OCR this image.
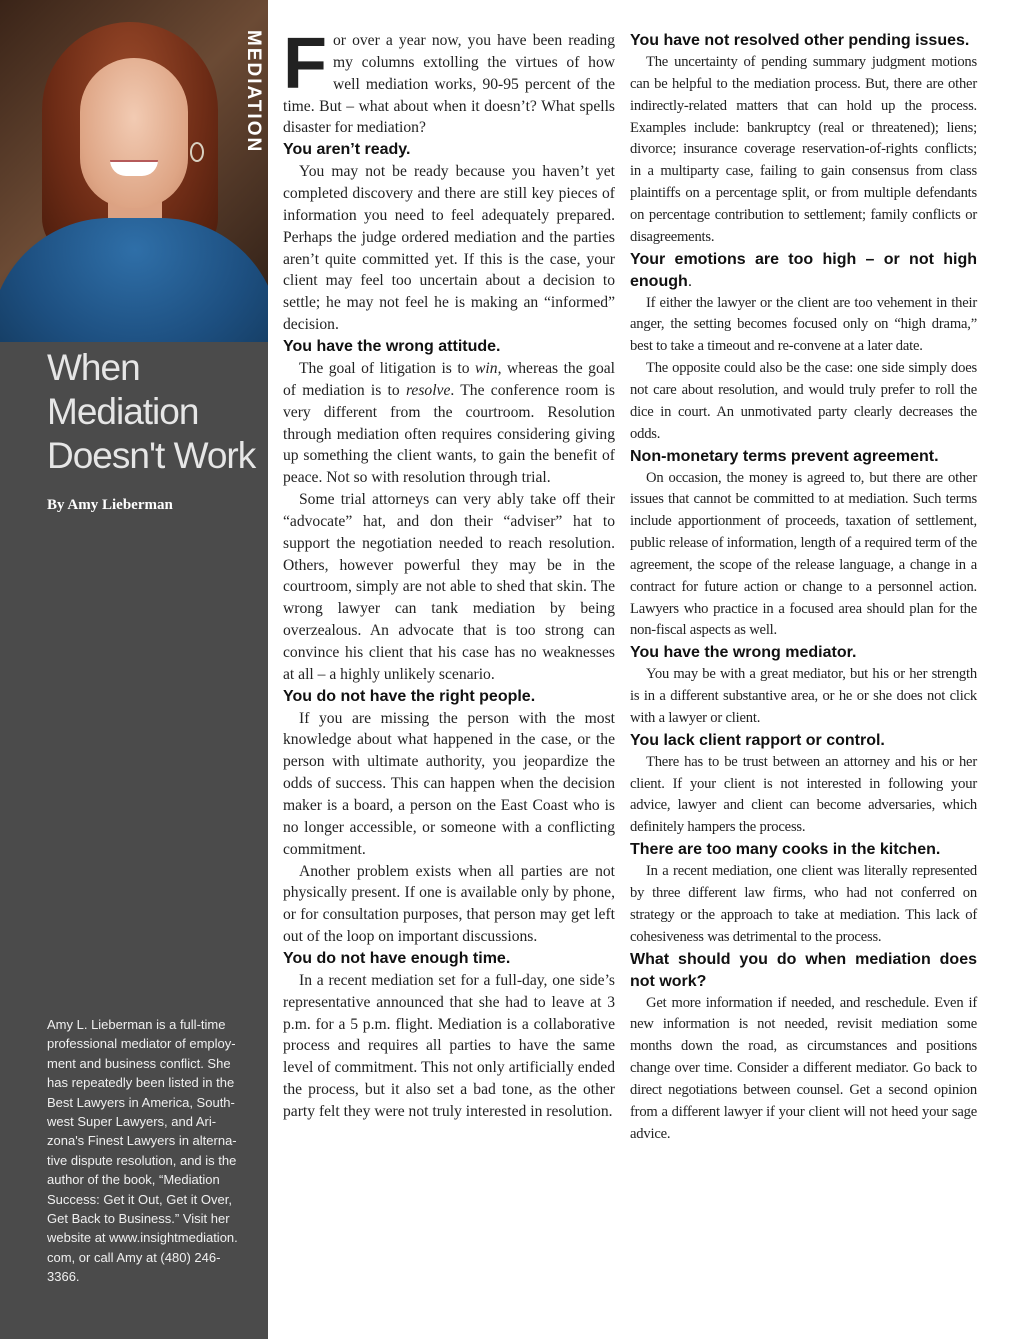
MEDIATION
When
Mediation
Doesn't Work
By Amy Lieberman
Amy L. Lieberman is a full-time
professional mediator of employ-
ment and business conflict. She
has repeatedly been listed in the
Best Lawyers in America, South-
west Super Lawyers, and Ari-
zona's Finest Lawyers in alterna-
tive dispute resolution, and is the
author of the book, “Mediation
Success: Get it Out, Get it Over,
Get Back to Business.” Visit her
website at www.insightmediation.
com, or call Amy at (480) 246-
3366.

For over a year now, you have been reading my columns extolling the virtues of how well mediation works, 90-95 percent of the time. But – what about when it doesn’t? What spells disaster for mediation?

You aren’t ready.

You may not be ready because you haven’t yet completed discovery and there are still key pieces of information you need to feel adequately prepared. Perhaps the judge ordered mediation and the parties aren’t quite committed yet. If this is the case, your client may feel too uncertain about a decision to settle; he may not feel he is making an “informed” decision.

You have the wrong attitude.

The goal of litigation is to win, whereas the goal of mediation is to resolve. The conference room is very different from the courtroom. Resolution through mediation often requires considering giving up something the client wants, to gain the benefit of peace. Not so with resolution through trial.

Some trial attorneys can very ably take off their “advocate” hat, and don their “adviser” hat to support the negotiation needed to reach resolution. Others, however powerful they may be in the courtroom, simply are not able to shed that skin. The wrong lawyer can tank mediation by being overzealous. An advocate that is too strong can convince his client that his case has no weaknesses at all – a highly unlikely scenario.

You do not have the right people.

If you are missing the person with the most knowledge about what happened in the case, or the person with ultimate authority, you jeopardize the odds of success. This can happen when the decision maker is a board, a person on the East Coast who is no longer accessible, or someone with a conflicting commitment.

Another problem exists when all parties are not physically present. If one is available only by phone, or for consultation purposes, that person may get left out of the loop on important discussions.

You do not have enough time.

In a recent mediation set for a full-day, one side’s representative announced that she had to leave at 3 p.m. for a 5 p.m. flight. Mediation is a collaborative process and requires all parties to have the same level of commitment. This not only artificially ended the process, but it also set a bad tone, as the other party felt they were not truly interested in resolution.

You have not resolved other pending issues.

The uncertainty of pending summary judgment motions can be helpful to the mediation process. But, there are other indirectly-related matters that can hold up the process. Examples include: bankruptcy (real or threatened); liens; divorce; insurance coverage reservation-of-rights conflicts; in a multiparty case, failing to gain consensus from class plaintiffs on a percentage split, or from multiple defendants on percentage contribution to settlement; family conflicts or disagreements.

Your emotions are too high – or not high enough.

If either the lawyer or the client are too vehement in their anger, the setting becomes focused only on “high drama,” best to take a timeout and re-convene at a later date.

The opposite could also be the case: one side simply does not care about resolution, and would truly prefer to roll the dice in court. An unmotivated party clearly decreases the odds.

Non-monetary terms prevent agreement.

On occasion, the money is agreed to, but there are other issues that cannot be committed to at mediation. Such terms include apportionment of proceeds, taxation of settlement, public release of information, length of a required term of the agreement, the scope of the release language, a change in a contract for future action or change to a personnel action. Lawyers who practice in a focused area should plan for the non-fiscal aspects as well.

You have the wrong mediator.

You may be with a great mediator, but his or her strength is in a different substantive area, or he or she does not click with a lawyer or client.

You lack client rapport or control.

There has to be trust between an attorney and his or her client. If your client is not interested in following your advice, lawyer and client can become adversaries, which definitely hampers the process.

There are too many cooks in the kitchen.

In a recent mediation, one client was literally represented by three different law firms, who had not conferred on strategy or the approach to take at mediation. This lack of cohesiveness was detrimental to the process.

What should you do when mediation does not work?

Get more information if needed, and reschedule. Even if new information is not needed, revisit mediation some months down the road, as circumstances and positions change over time. Consider a different mediator. Go back to direct negotiations between counsel. Get a second opinion from a different lawyer if your client will not heed your sage advice.
